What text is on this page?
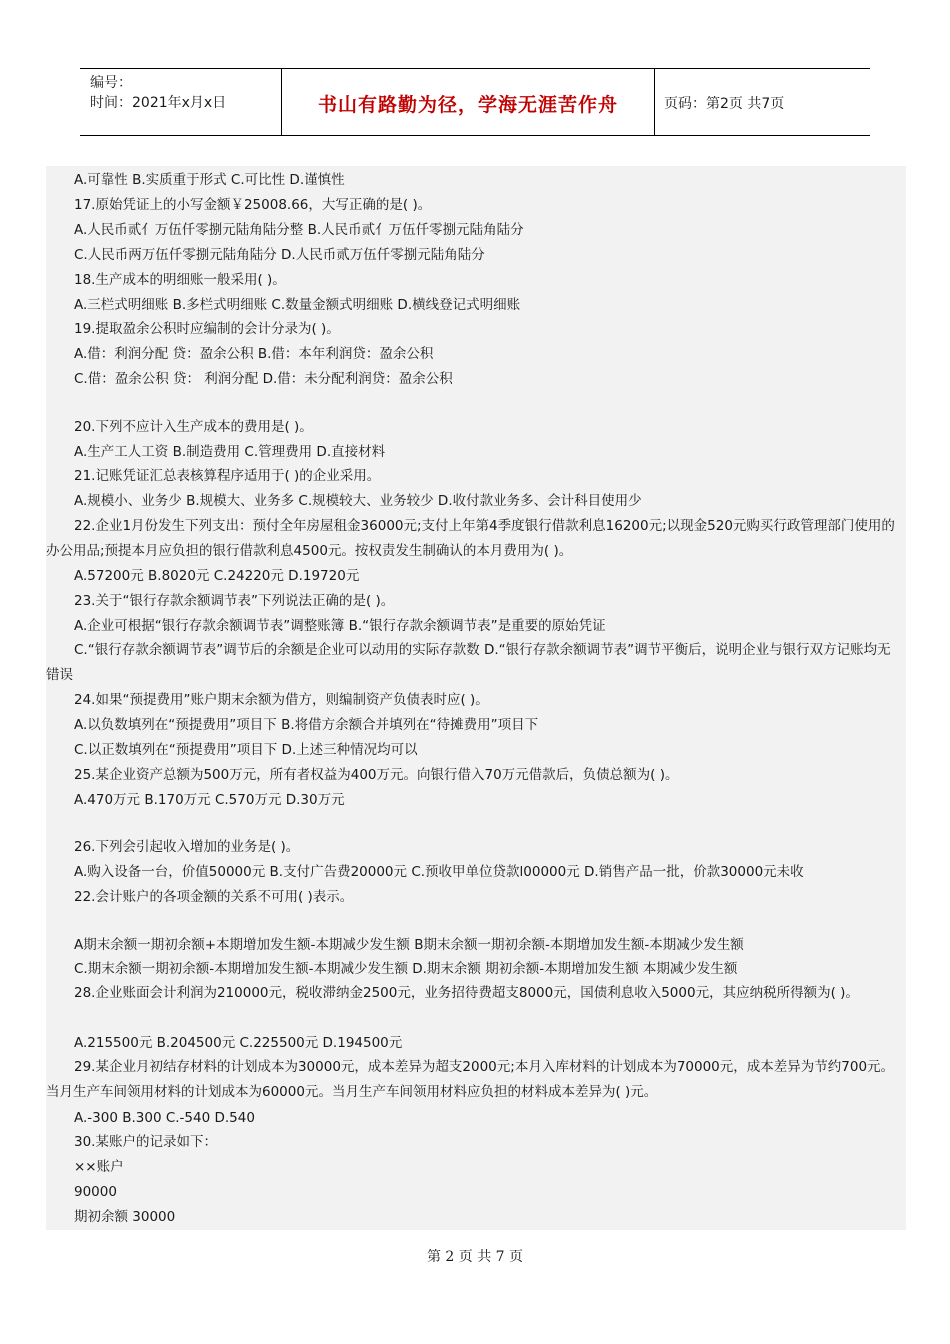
编号：
时间：2021年x月x日	书山有路勤为径，学海无涯苦作舟	页码：第2页 共7页
A.可靠性 B.实质重于形式 C.可比性 D.谨慎性
17.原始凭证上的小写金额￥25008.66，大写正确的是( )。
A.人民币贰亻万伍仟零捌元陆角陆分整 B.人民币贰亻万伍仟零捌元陆角陆分
C.人民币两万伍仟零捌元陆角陆分 D.人民币贰万伍仟零捌元陆角陆分
18.生产成本的明细账一般采用( )。
A.三栏式明细账 B.多栏式明细账 C.数量金额式明细账 D.横线登记式明细账
19.提取盈余公积时应编制的会计分录为( )。
A.借：利润分配 贷：盈余公积 B.借：本年利润贷：盈余公积
C.借：盈余公积 贷： 利润分配 D.借：未分配利润贷：盈余公积
20.下列不应计入生产成本的费用是( )。
A.生产工人工资 B.制造费用 C.管理费用 D.直接材料
21.记账凭证汇总表核算程序适用于( )的企业采用。
A.规模小、业务少 B.规模大、业务多 C.规模较大、业务较少 D.收付款业务多、会计科目使用少
22.企业1月份发生下列支出：预付全年房屋租金36000元;支付上年第4季度银行借款利息16200元;以现金520元购买行政管理部门使用的办公用品;预提本月应负担的银行借款利息4500元。按权责发生制确认的本月费用为( )。
A.57200元 B.8020元 C.24220元 D.19720元
23.关于“银行存款余额调节表”下列说法正确的是( )。
A.企业可根据“银行存款余额调节表”调整账簿 B.“银行存款余额调节表”是重要的原始凭证
C.“银行存款余额调节表”调节后的余额是企业可以动用的实际存款数 D.“银行存款余额调节表”调节平衡后，说明企业与银行双方记账均无错误
24.如果“预提费用”账户期末余额为借方，则编制资产负债表时应( )。
A.以负数填列在“预提费用”项目下 B.将借方余额合并填列在“待摊费用”项目下
C.以正数填列在“预提费用”项目下 D.上述三种情况均可以
25.某企业资产总额为500万元，所有者权益为400万元。向银行借入70万元借款后，负债总额为( )。
A.470万元 B.170万元 C.570万元 D.30万元
26.下列会引起收入增加的业务是( )。
A.购入设备一台，价值50000元 B.支付广告费20000元 C.预收甲单位贷款l00000元 D.销售产品一批，价款30000元未收
22.会计账户的各项金额的关系不可用( )表示。
A期末余额一期初余额+本期增加发生额-本期减少发生额 B期末余额一期初余额-本期增加发生额-本期减少发生额
C.期末余额一期初余额-本期增加发生额-本期减少发生额 D.期末余额 期初余额-本期增加发生额 本期减少发生额
28.企业账面会计利润为210000元，税收滞纳金2500元，业务招待费超支8000元，国债利息收入5000元，其应纳税所得额为( )。
A.215500元 B.204500元 C.225500元 D.194500元
29.某企业月初结存材料的计划成本为30000元，成本差异为超支2000元;本月入库材料的计划成本为70000元，成本差异为节约700元。当月生产车间领用材料的计划成本为60000元。当月生产车间领用材料应负担的材料成本差异为( )元。
A.-300 B.300 C.-540 D.540
30.某账户的记录如下：
××账户
90000
期初余额 30000
第 2 页 共 7 页
